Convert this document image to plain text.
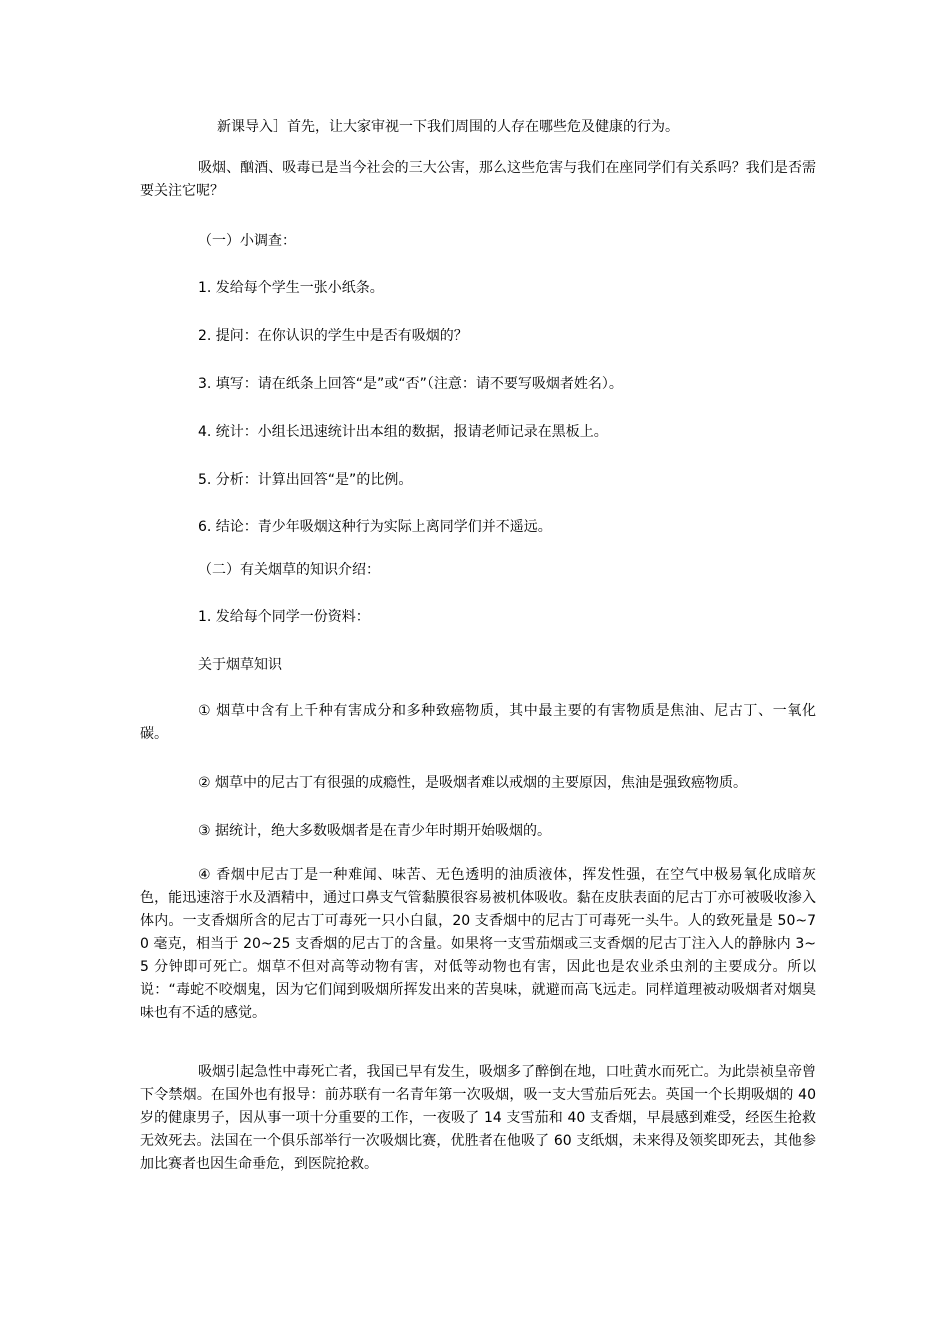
新课导入］首先，让大家审视一下我们周围的人存在哪些危及健康的行为。

吸烟、酗酒、吸毒已是当今社会的三大公害，那么这些危害与我们在座同学们有关系吗？我们是否需要关注它呢？

（一）小调查：

1. 发给每个学生一张小纸条。

2. 提问：在你认识的学生中是否有吸烟的？

3. 填写：请在纸条上回答“是”或“否”（注意：请不要写吸烟者姓名）。

4. 统计：小组长迅速统计出本组的数据，报请老师记录在黑板上。

5. 分析：计算出回答“是”的比例。

6. 结论：青少年吸烟这种行为实际上离同学们并不遥远。

（二）有关烟草的知识介绍：

1. 发给每个同学一份资料：

关于烟草知识

① 烟草中含有上千种有害成分和多种致癌物质，其中最主要的有害物质是焦油、尼古丁、一氧化碳。

② 烟草中的尼古丁有很强的成瘾性，是吸烟者难以戒烟的主要原因，焦油是强致癌物质。

③ 据统计，绝大多数吸烟者是在青少年时期开始吸烟的。

④ 香烟中尼古丁是一种难闻、味苦、无色透明的油质液体，挥发性强，在空气中极易氧化成暗灰色，能迅速溶于水及酒精中，通过口鼻支气管黏膜很容易被机体吸收。黏在皮肤表面的尼古丁亦可被吸收渗入体内。一支香烟所含的尼古丁可毒死一只小白鼠，20 支香烟中的尼古丁可毒死一头牛。人的致死量是 50~70 毫克，相当于 20~25 支香烟的尼古丁的含量。如果将一支雪茄烟或三支香烟的尼古丁注入人的静脉内 3~5 分钟即可死亡。烟草不但对高等动物有害，对低等动物也有害，因此也是农业杀虫剂的主要成分。所以说：“毒蛇不咬烟鬼，因为它们闻到吸烟所挥发出来的苦臭味，就避而高飞远走。同样道理被动吸烟者对烟臭味也有不适的感觉。

吸烟引起急性中毒死亡者，我国已早有发生，吸烟多了醉倒在地，口吐黄水而死亡。为此崇祯皇帝曾下令禁烟。在国外也有报导：前苏联有一名青年第一次吸烟，吸一支大雪茄后死去。英国一个长期吸烟的 40 岁的健康男子，因从事一项十分重要的工作，一夜吸了 14 支雪茄和 40 支香烟，早晨感到难受，经医生抢救无效死去。法国在一个俱乐部举行一次吸烟比赛，优胜者在他吸了 60 支纸烟，未来得及领奖即死去，其他参加比赛者也因生命垂危，到医院抢救。
